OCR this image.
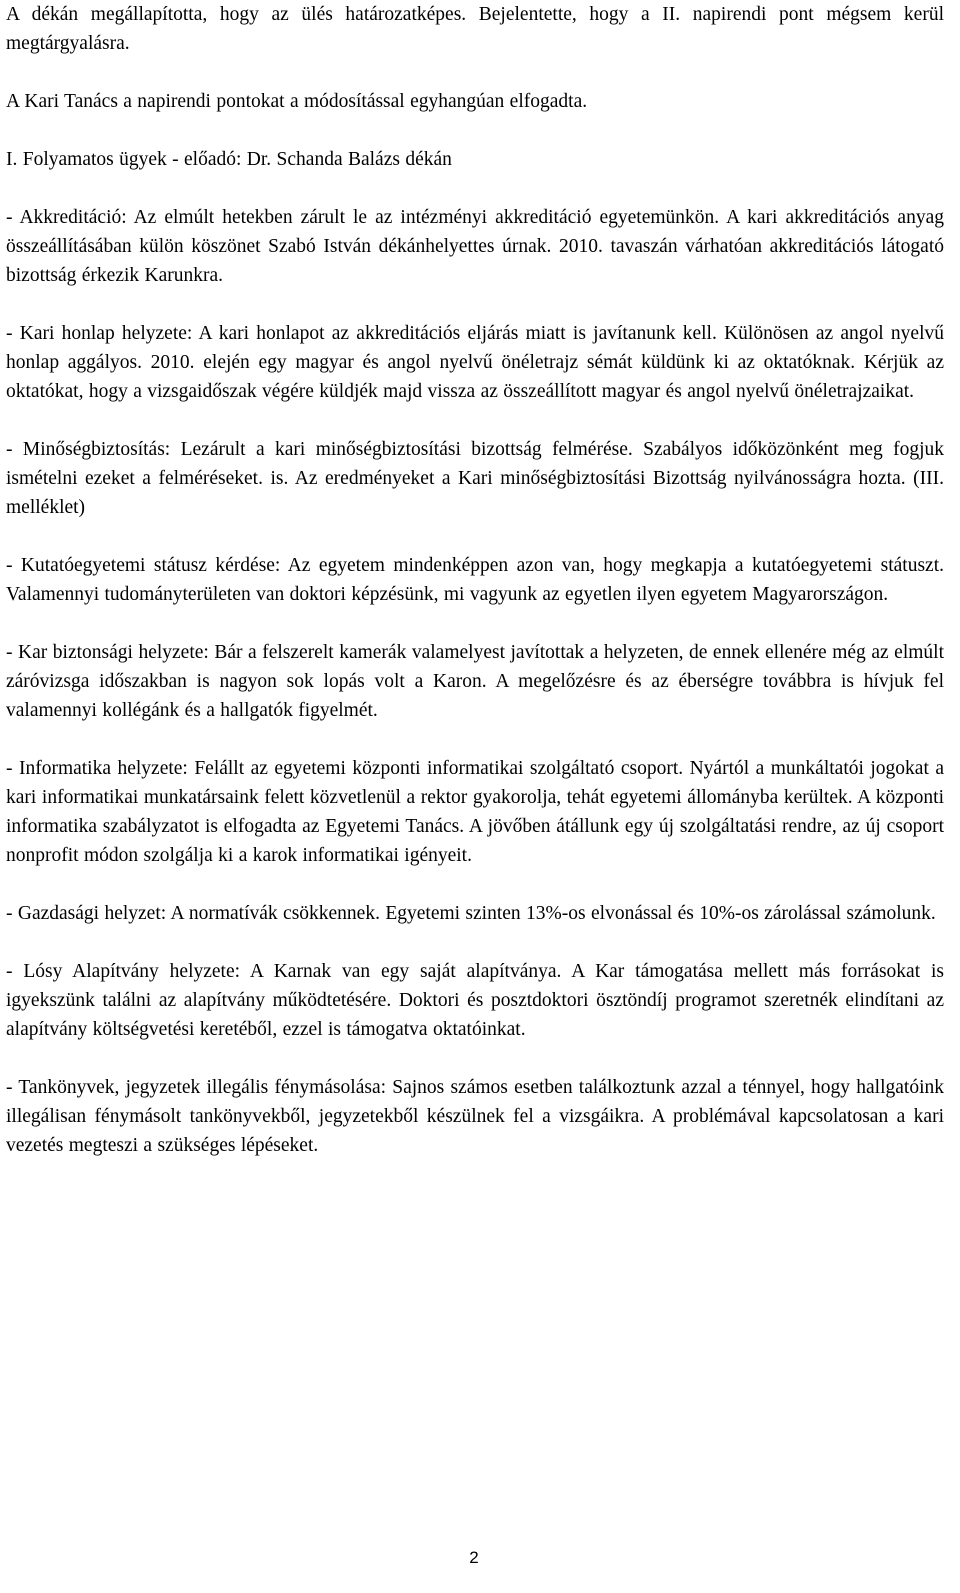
A dékán megállapította, hogy az ülés határozatképes. Bejelentette, hogy a II. napirendi pont mégsem kerül megtárgyalásra.

A Kari Tanács a napirendi pontokat a módosítással egyhangúan elfogadta.

I. Folyamatos ügyek - előadó: Dr. Schanda Balázs dékán

- Akkreditáció: Az elmúlt hetekben zárult le az intézményi akkreditáció egyetemünkön. A kari akkreditációs anyag összeállításában külön köszönet Szabó István dékánhelyettes úrnak. 2010. tavaszán várhatóan akkreditációs látogató bizottság érkezik Karunkra.

- Kari honlap helyzete: A kari honlapot az akkreditációs eljárás miatt is javítanunk kell. Különösen az angol nyelvű honlap aggályos. 2010. elején egy magyar és angol nyelvű önéletrajz sémát küldünk ki az oktatóknak. Kérjük az oktatókat, hogy a vizsgaidőszak végére küldjék majd vissza az összeállított magyar és angol nyelvű önéletrajzaikat.

- Minőségbiztosítás: Lezárult a kari minőségbiztosítási bizottság felmérése. Szabályos időközönként meg fogjuk ismételni ezeket a felméréseket. is. Az eredményeket a Kari minőségbiztosítási Bizottság nyilvánosságra hozta. (III. melléklet)

- Kutatóegyetemi státusz kérdése: Az egyetem mindenképpen azon van, hogy megkapja a kutatóegyetemi státuszt. Valamennyi tudományterületen van doktori képzésünk, mi vagyunk az egyetlen ilyen egyetem Magyarországon.

- Kar biztonsági helyzete: Bár a felszerelt kamerák valamelyest javítottak a helyzeten, de ennek ellenére még az elmúlt záróvizsga időszakban is nagyon sok lopás volt a Karon. A megelőzésre és az éberségre továbbra is hívjuk fel valamennyi kollégánk és a hallgatók figyelmét.

- Informatika helyzete: Felállt az egyetemi központi informatikai szolgáltató csoport. Nyártól a munkáltatói jogokat a kari informatikai munkatársaink felett közvetlenül a rektor gyakorolja, tehát egyetemi állományba kerültek. A központi informatika szabályzatot is elfogadta az Egyetemi Tanács. A jövőben átállunk egy új szolgáltatási rendre, az új csoport nonprofit módon szolgálja ki a karok informatikai igényeit.

- Gazdasági helyzet: A normatívák csökkennek. Egyetemi szinten 13%-os elvonással és 10%-os zárolással számolunk.

- Lósy Alapítvány helyzete: A Karnak van egy saját alapítványa. A Kar támogatása mellett más forrásokat is igyekszünk találni az alapítvány működtetésére. Doktori és posztdoktori ösztöndíj programot szeretnék elindítani az alapítvány költségvetési keretéből, ezzel is támogatva oktatóinkat.

- Tankönyvek, jegyzetek illegális fénymásolása: Sajnos számos esetben találkoztunk azzal a ténnyel, hogy hallgatóink illegálisan fénymásolt tankönyvekből, jegyzetekből készülnek fel a vizsgáikra. A problémával kapcsolatosan a kari vezetés megteszi a szükséges lépéseket.

2
